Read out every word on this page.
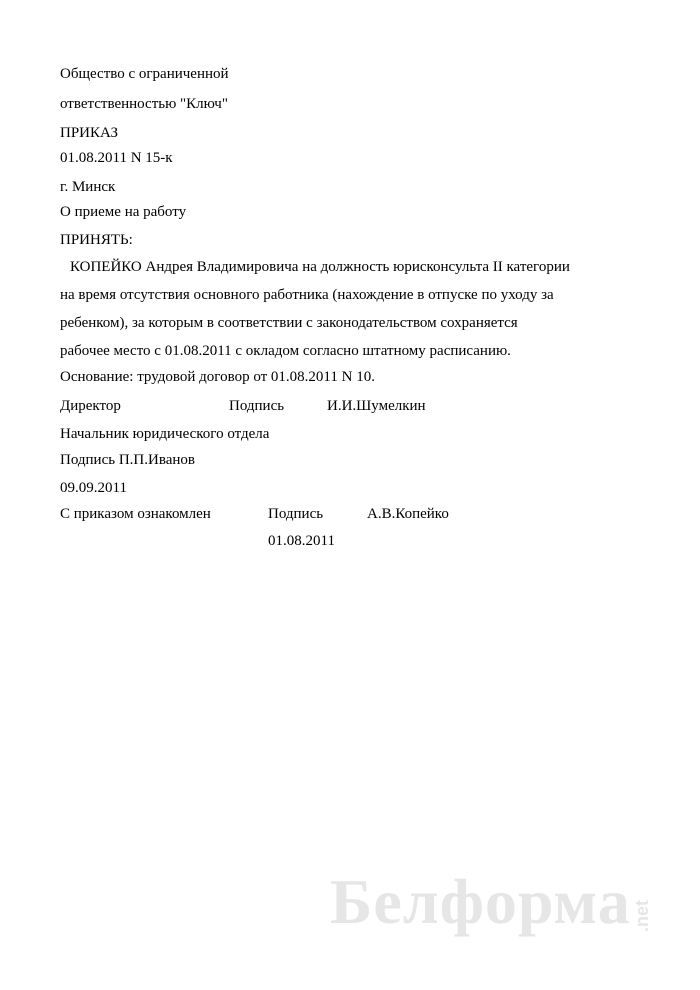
Общество с ограниченной
ответственностью "Ключ"
ПРИКАЗ
01.08.2011 N 15-к
г. Минск
О приеме на работу
ПРИНЯТЬ:
КОПЕЙКО Андрея Владимировича на должность юрисконсульта II категории
на время отсутствия основного работника (нахождение в отпуске по уходу за
ребенком), за которым в соответствии с законодательством сохраняется
рабочее место с 01.08.2011 с окладом согласно штатному расписанию.
Основание: трудовой договор от 01.08.2011 N 10.
Директор	Подпись	И.И.Шумелкин
Начальник юридического отдела
Подпись П.П.Иванов
09.09.2011
С приказом ознакомлен	Подпись	А.В.Копейко
01.08.2011
Белформа .net
